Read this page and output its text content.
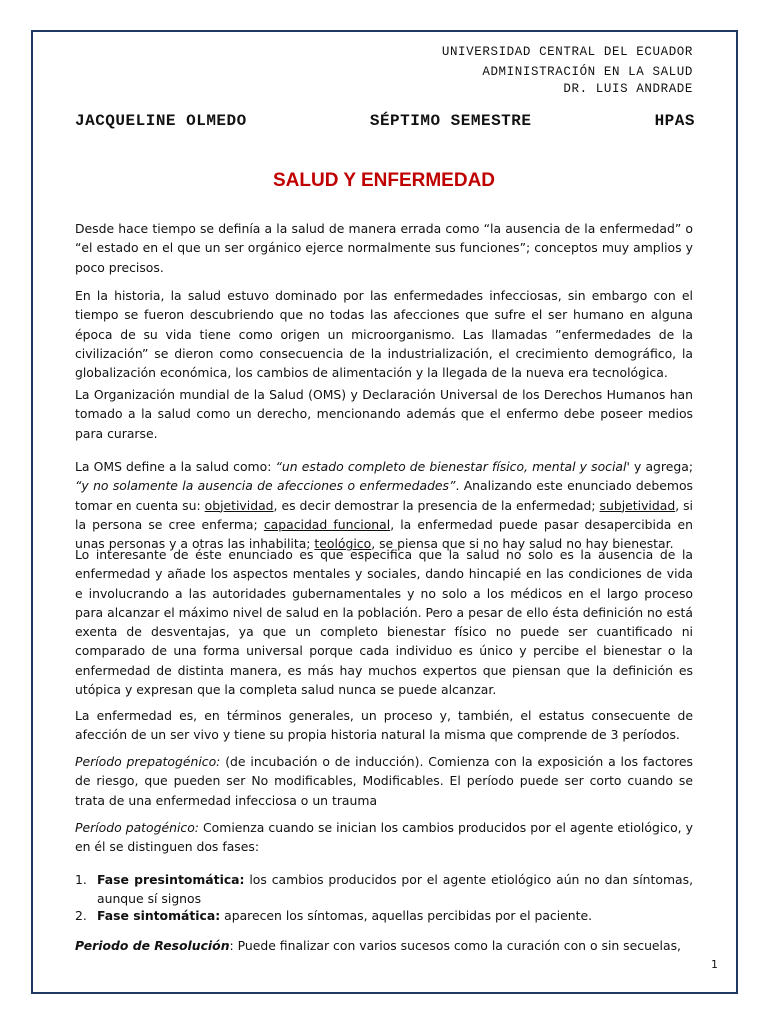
UNIVERSIDAD CENTRAL DEL ECUADOR
ADMINISTRACIÓN EN LA SALUD
DR. LUIS ANDRADE
JACQUELINE OLMEDO	SÉPTIMO SEMESTRE	HPAS
SALUD Y ENFERMEDAD
Desde hace tiempo se definía a la salud de manera errada como “la ausencia de la enfermedad” o “el estado en el que un ser orgánico ejerce normalmente sus funciones”; conceptos muy amplios y poco precisos.
En la historia, la salud estuvo dominado por las enfermedades infecciosas, sin embargo con el tiempo se fueron descubriendo que no todas las afecciones que sufre el ser humano en alguna época de su vida tiene como origen un microorganismo. Las llamadas ”enfermedades de la civilización” se dieron como consecuencia de la industrialización, el crecimiento demográfico, la globalización económica, los cambios de alimentación y la llegada de la nueva era tecnológica.
La Organización mundial de la Salud (OMS) y Declaración Universal de los Derechos Humanos han tomado a la salud como un derecho, mencionando además que el enfermo debe poseer medios para curarse.
La OMS define a la salud como: “un estado completo de bienestar físico, mental y social' y agrega; “y no solamente la ausencia de afecciones o enfermedades”. Analizando este enunciado debemos tomar en cuenta su: objetividad, es decir demostrar la presencia de la enfermedad; subjetividad, si la persona se cree enferma; capacidad funcional, la enfermedad puede pasar desapercibida en unas personas y a otras las inhabilita; teológico, se piensa que si no hay salud no hay bienestar.
Lo interesante de éste enunciado es que especifica que la salud no solo es la ausencia de la enfermedad y añade los aspectos mentales y sociales, dando hincapié en las condiciones de vida e involucrando a las autoridades gubernamentales y no solo a los médicos en el largo proceso para alcanzar el máximo nivel de salud en la población. Pero a pesar de ello ésta definición no está exenta de desventajas, ya que un completo bienestar físico no puede ser cuantificado ni comparado de una forma universal porque cada individuo es único y percibe el bienestar o la enfermedad de distinta manera, es más hay muchos expertos que piensan que la definición es utópica y expresan que la completa salud nunca se puede alcanzar.
La enfermedad es, en términos generales, un proceso y, también, el estatus consecuente de afección de un ser vivo y tiene su propia historia natural la misma que comprende de 3 períodos.
Período prepatogénico: (de incubación o de inducción). Comienza con la exposición a los factores de riesgo, que pueden ser No modificables, Modificables. El período puede ser corto cuando se trata de una enfermedad infecciosa o un trauma
Período patogénico: Comienza cuando se inician los cambios producidos por el agente etiológico, y en él se distinguen dos fases:
1. Fase presintomática: los cambios producidos por el agente etiológico aún no dan síntomas, aunque sí signos
2. Fase sintomática: aparecen los síntomas, aquellas percibidas por el paciente.
Periodo de Resolución: Puede finalizar con varios sucesos como la curación con o sin secuelas,
1
